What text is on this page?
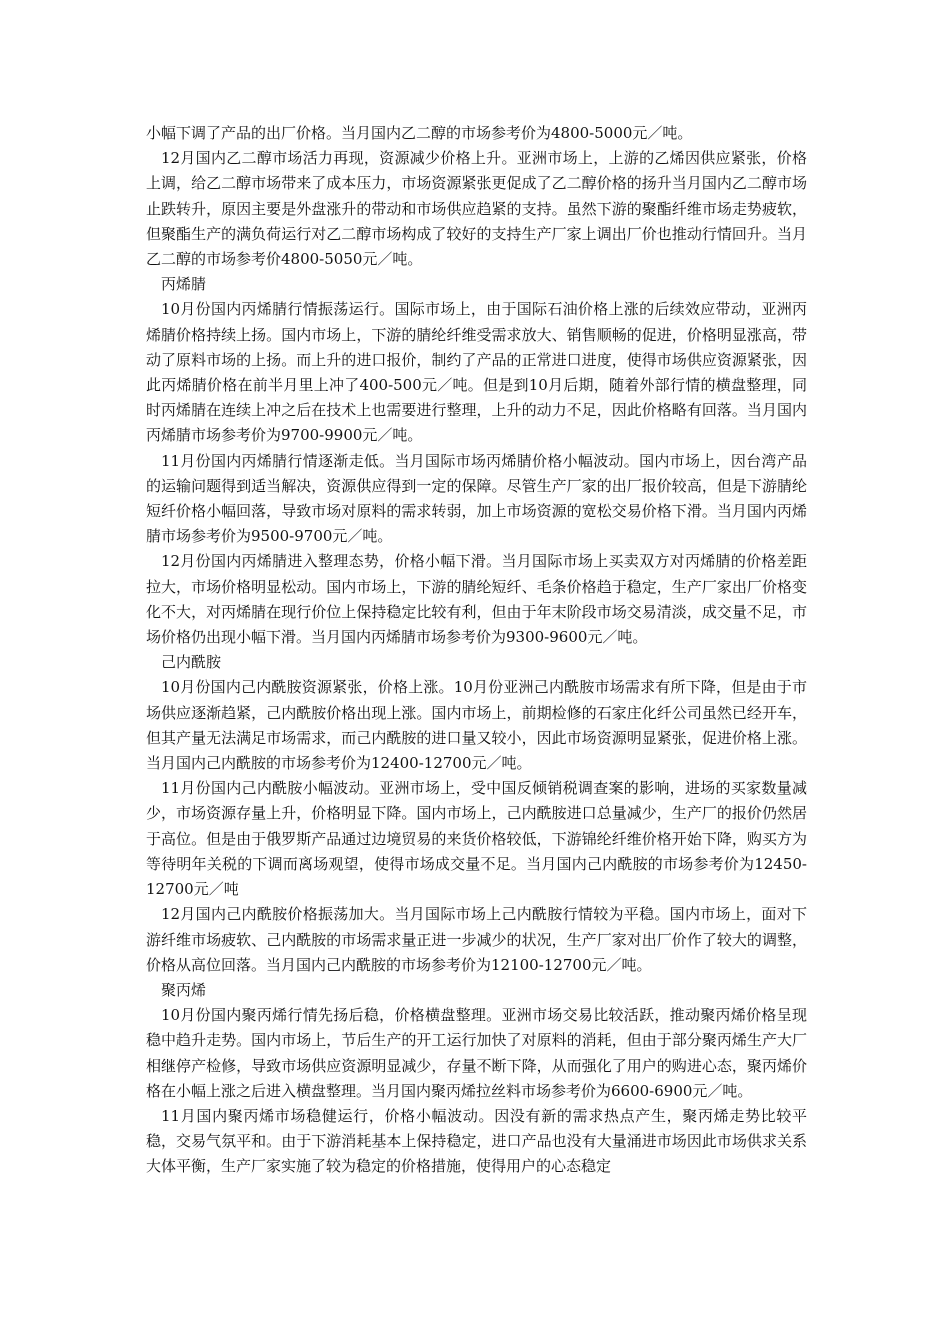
小幅下调了产品的出厂价格。当月国内乙二醇的市场参考价为4800-5000元／吨。

12月国内乙二醇市场活力再现，资源减少价格上升。亚洲市场上，上游的乙烯因供应紧张，价格上调，给乙二醇市场带来了成本压力，市场资源紧张更促成了乙二醇价格的扬升当月国内乙二醇市场止跌转升，原因主要是外盘涨升的带动和市场供应趋紧的支持。虽然下游的聚酯纤维市场走势疲软，但聚酯生产的满负荷运行对乙二醇市场构成了较好的支持生产厂家上调出厂价也推动行情回升。当月乙二醇的市场参考价4800-5050元／吨。

丙烯腈

10月份国内丙烯腈行情振荡运行。国际市场上，由于国际石油价格上涨的后续效应带动，亚洲丙烯腈价格持续上扬。国内市场上，下游的腈纶纤维受需求放大、销售顺畅的促进，价格明显涨高，带动了原料市场的上扬。而上升的进口报价，制约了产品的正常进口进度，使得市场供应资源紧张，因此丙烯腈价格在前半月里上冲了400-500元／吨。但是到10月后期，随着外部行情的横盘整理，同时丙烯腈在连续上冲之后在技术上也需要进行整理，上升的动力不足，因此价格略有回落。当月国内丙烯腈市场参考价为9700-9900元／吨。

11月份国内丙烯腈行情逐渐走低。当月国际市场丙烯腈价格小幅波动。国内市场上，因台湾产品的运输问题得到适当解决，资源供应得到一定的保障。尽管生产厂家的出厂报价较高，但是下游腈纶短纤价格小幅回落，导致市场对原料的需求转弱，加上市场资源的宽松交易价格下滑。当月国内丙烯腈市场参考价为9500-9700元／吨。

12月份国内丙烯腈进入整理态势，价格小幅下滑。当月国际市场上买卖双方对丙烯腈的价格差距拉大，市场价格明显松动。国内市场上，下游的腈纶短纤、毛条价格趋于稳定，生产厂家出厂价格变化不大，对丙烯腈在现行价位上保持稳定比较有利，但由于年末阶段市场交易清淡，成交量不足，市场价格仍出现小幅下滑。当月国内丙烯腈市场参考价为9300-9600元／吨。

己内酰胺

10月份国内己内酰胺资源紧张，价格上涨。10月份亚洲己内酰胺市场需求有所下降，但是由于市场供应逐渐趋紧，己内酰胺价格出现上涨。国内市场上，前期检修的石家庄化纤公司虽然已经开车，但其产量无法满足市场需求，而己内酰胺的进口量又较小，因此市场资源明显紧张，促进价格上涨。当月国内己内酰胺的市场参考价为12400-12700元／吨。

11月份国内己内酰胺小幅波动。亚洲市场上，受中国反倾销税调查案的影响，进场的买家数量减少，市场资源存量上升，价格明显下降。国内市场上，己内酰胺进口总量减少，生产厂的报价仍然居于高位。但是由于俄罗斯产品通过边境贸易的来货价格较低，下游锦纶纤维价格开始下降，购买方为等待明年关税的下调而离场观望，使得市场成交量不足。当月国内己内酰胺的市场参考价为12450-12700元／吨

12月国内己内酰胺价格振荡加大。当月国际市场上己内酰胺行情较为平稳。国内市场上，面对下游纤维市场疲软、己内酰胺的市场需求量正进一步减少的状况，生产厂家对出厂价作了较大的调整，价格从高位回落。当月国内己内酰胺的市场参考价为12100-12700元／吨。

聚丙烯

10月份国内聚丙烯行情先扬后稳，价格横盘整理。亚洲市场交易比较活跃，推动聚丙烯价格呈现稳中趋升走势。国内市场上，节后生产的开工运行加快了对原料的消耗，但由于部分聚丙烯生产大厂相继停产检修，导致市场供应资源明显减少，存量不断下降，从而强化了用户的购进心态，聚丙烯价格在小幅上涨之后进入横盘整理。当月国内聚丙烯拉丝料市场参考价为6600-6900元／吨。

11月国内聚丙烯市场稳健运行，价格小幅波动。因没有新的需求热点产生，聚丙烯走势比较平稳，交易气氛平和。由于下游消耗基本上保持稳定，进口产品也没有大量涌进市场因此市场供求关系大体平衡，生产厂家实施了较为稳定的价格措施，使得用户的心态稳定
